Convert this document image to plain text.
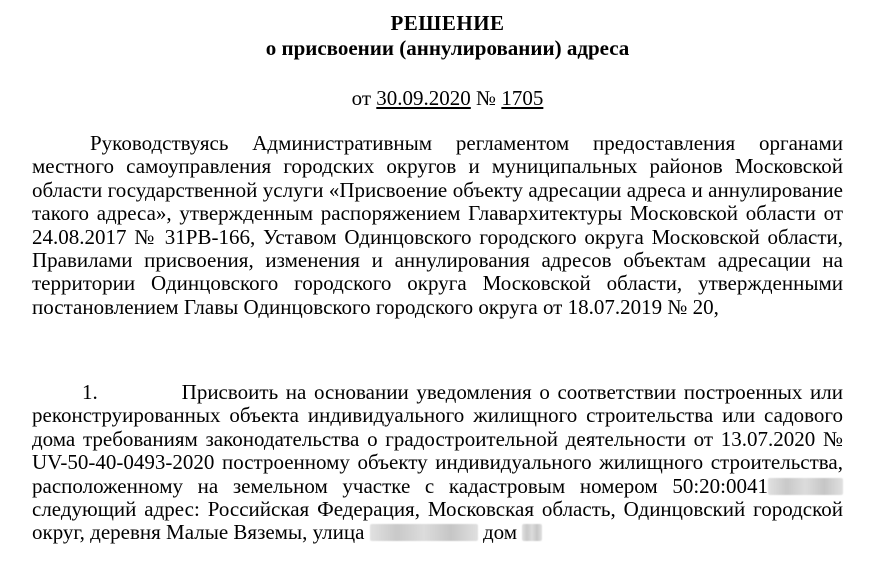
РЕШЕНИЕ
о присвоении (аннулировании) адреса
от 30.09.2020 № 1705
Руководствуясь Административным регламентом предоставления органами местного самоуправления городских округов и муниципальных районов Московской области государственной услуги «Присвоение объекту адресации адреса и аннулирование такого адреса», утвержденным распоряжением Главархитектуры Московской области от 24.08.2017 № 31РВ-166, Уставом Одинцовского городского округа Московской области, Правилами присвоения, изменения и аннулирования адресов объектам адресации на территории Одинцовского городского округа Московской области, утвержденными постановлением Главы Одинцовского городского округа от 18.07.2019 № 20,
1.	Присвоить на основании уведомления о соответствии построенных или реконструированных объекта индивидуального жилищного строительства или садового дома требованиям законодательства о градостроительной деятельности от 13.07.2020 № UV-50-40-0493-2020 построенному объекту индивидуального жилищного строительства, расположенному на земельном участке с кадастровым номером 50:20:0041 следующий адрес: Российская Федерация, Московская область, Одинцовский городской округ, деревня Малые Вяземы, улица	дом
